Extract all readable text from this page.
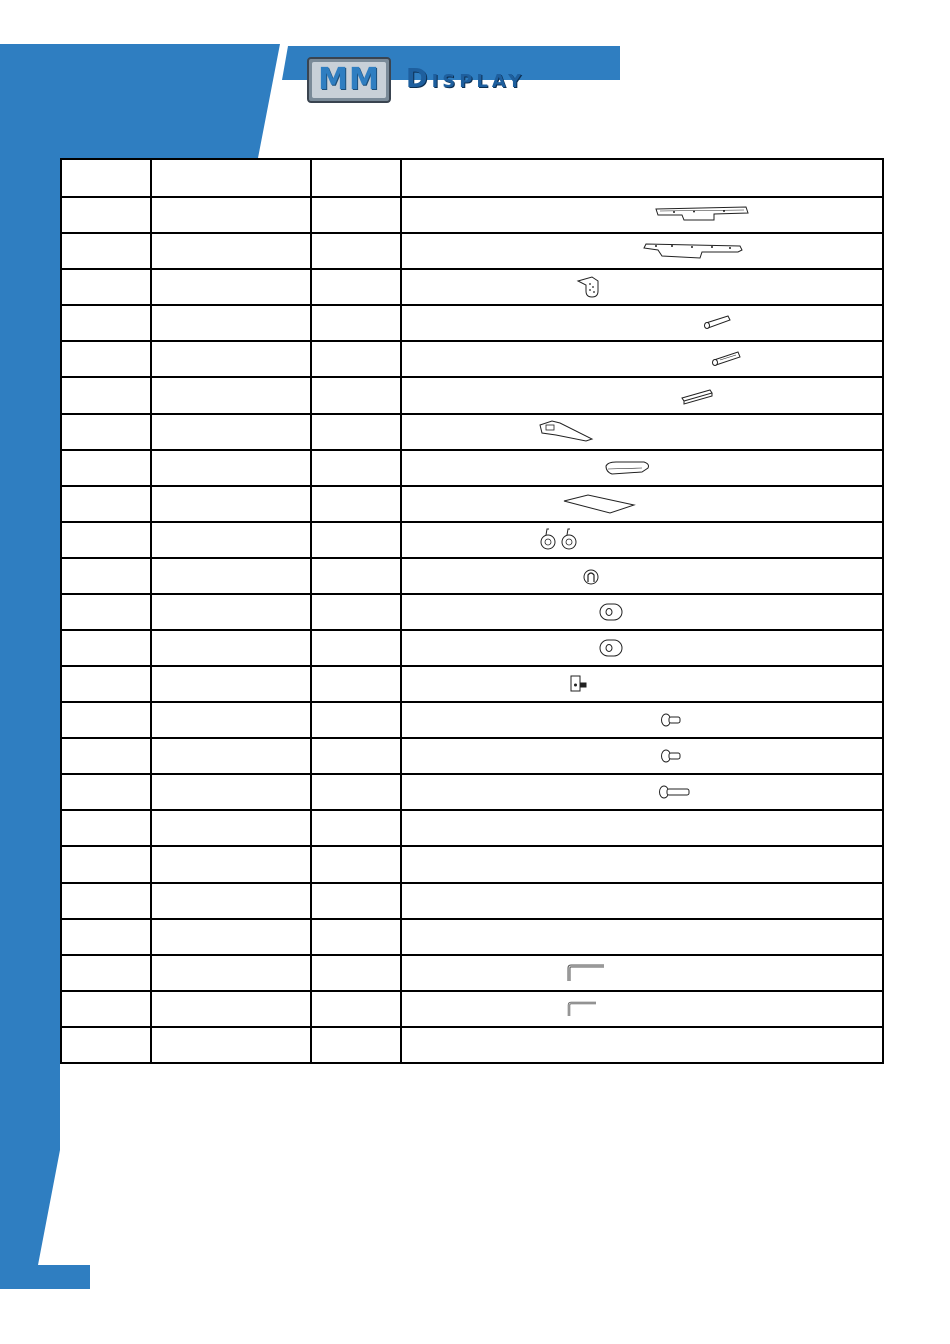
MM	Display
